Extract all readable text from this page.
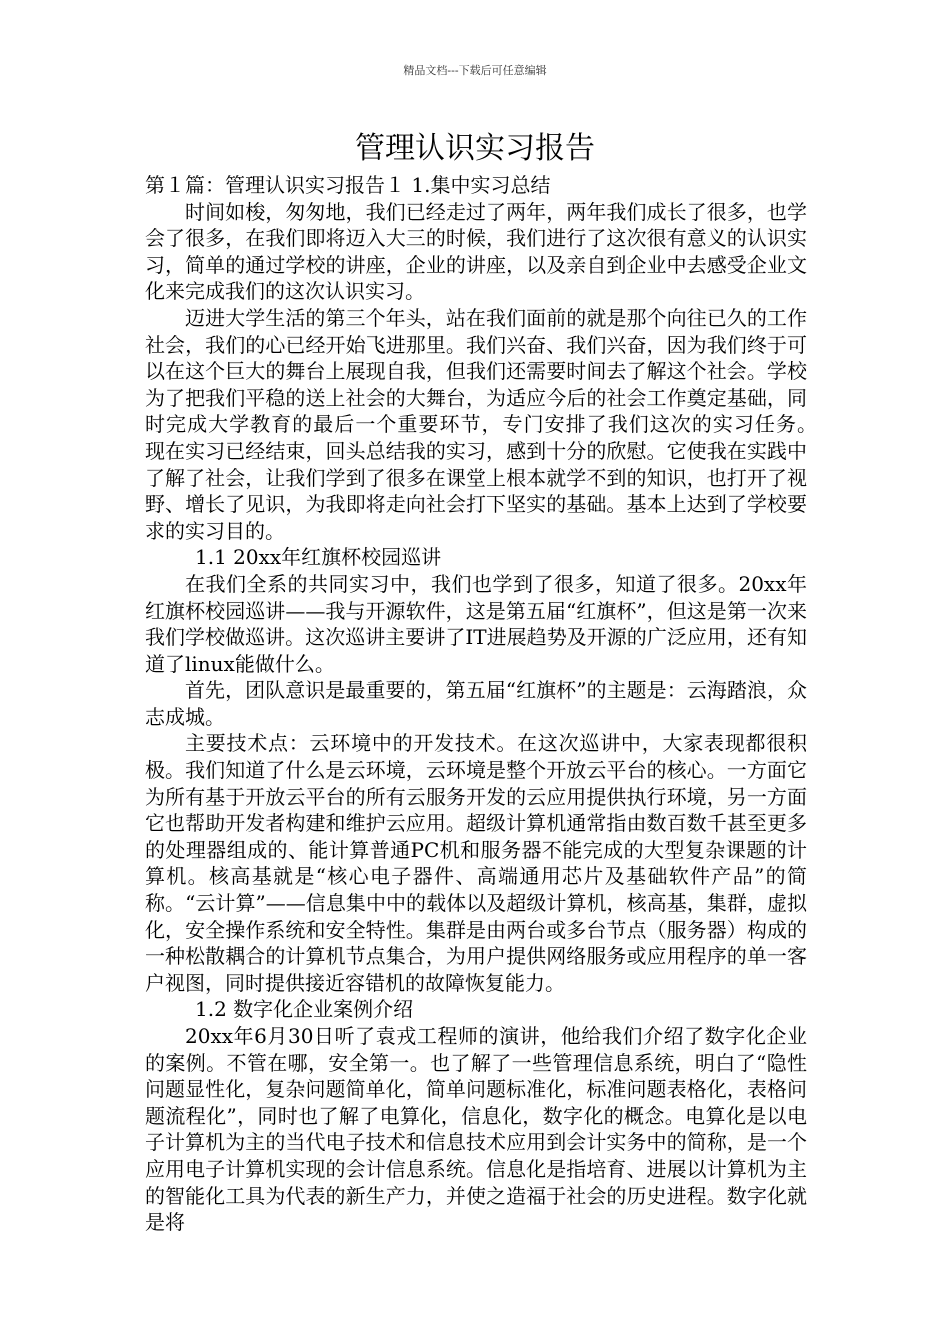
精品文档---下载后可任意编辑
管理认识实习报告

第１篇：管理认识实习报告１ 1.集中实习总结

时间如梭，匆匆地，我们已经走过了两年，两年我们成长了很多，也学会了很多，在我们即将迈入大三的时候，我们进行了这次很有意义的认识实习，简单的通过学校的讲座，企业的讲座，以及亲自到企业中去感受企业文化来完成我们的这次认识实习。

迈进大学生活的第三个年头，站在我们面前的就是那个向往已久的工作社会，我们的心已经开始飞进那里。我们兴奋、我们兴奋，因为我们终于可以在这个巨大的舞台上展现自我，但我们还需要时间去了解这个社会。学校为了把我们平稳的送上社会的大舞台，为适应今后的社会工作奠定基础，同时完成大学教育的最后一个重要环节，专门安排了我们这次的实习任务。　现在实习已经结束，回头总结我的实习，感到十分的欣慰。它使我在实践中了解了社会，让我们学到了很多在课堂上根本就学不到的知识，也打开了视野、增长了见识，为我即将走向社会打下坚实的基础。基本上达到了学校要求的实习目的。

1.1 20xx年红旗杯校园巡讲

在我们全系的共同实习中，我们也学到了很多，知道了很多。20xx年红旗杯校园巡讲——我与开源软件，这是第五届“红旗杯”，但这是第一次来我们学校做巡讲。这次巡讲主要讲了IT进展趋势及开源的广泛应用，还有知道了linux能做什么。

首先，团队意识是最重要的，第五届“红旗杯”的主题是：云海踏浪，众志成城。

主要技术点：云环境中的开发技术。在这次巡讲中，大家表现都很积极。我们知道了什么是云环境，云环境是整个开放云平台的核心。一方面它为所有基于开放云平台的所有云服务开发的云应用提供执行环境，另一方面它也帮助开发者构建和维护云应用。超级计算机通常指由数百数千甚至更多的处理器组成的、能计算普通PC机和服务器不能完成的大型复杂课题的计算机。核高基就是“核心电子器件、高端通用芯片及基础软件产品”的简称。“云计算”——信息集中中的载体以及超级计算机，核高基，集群，虚拟化，安全操作系统和安全特性。集群是由两台或多台节点（服务器）构成的一种松散耦合的计算机节点集合，为用户提供网络服务或应用程序的单一客户视图，同时提供接近容错机的故障恢复能力。

1.2 数字化企业案例介绍

20xx年6月30日听了袁戎工程师的演讲，他给我们介绍了数字化企业的案例。不管在哪，安全第一。也了解了一些管理信息系统，明白了“隐性问题显性化，复杂问题简单化，简单问题标准化，标准问题表格化，表格问题流程化”，同时也了解了电算化，信息化，数字化的概念。电算化是以电子计算机为主的当代电子技术和信息技术应用到会计实务中的简称，是一个应用电子计算机实现的会计信息系统。信息化是指培育、进展以计算机为主的智能化工具为代表的新生产力，并使之造福于社会的历史进程。数字化就是将
